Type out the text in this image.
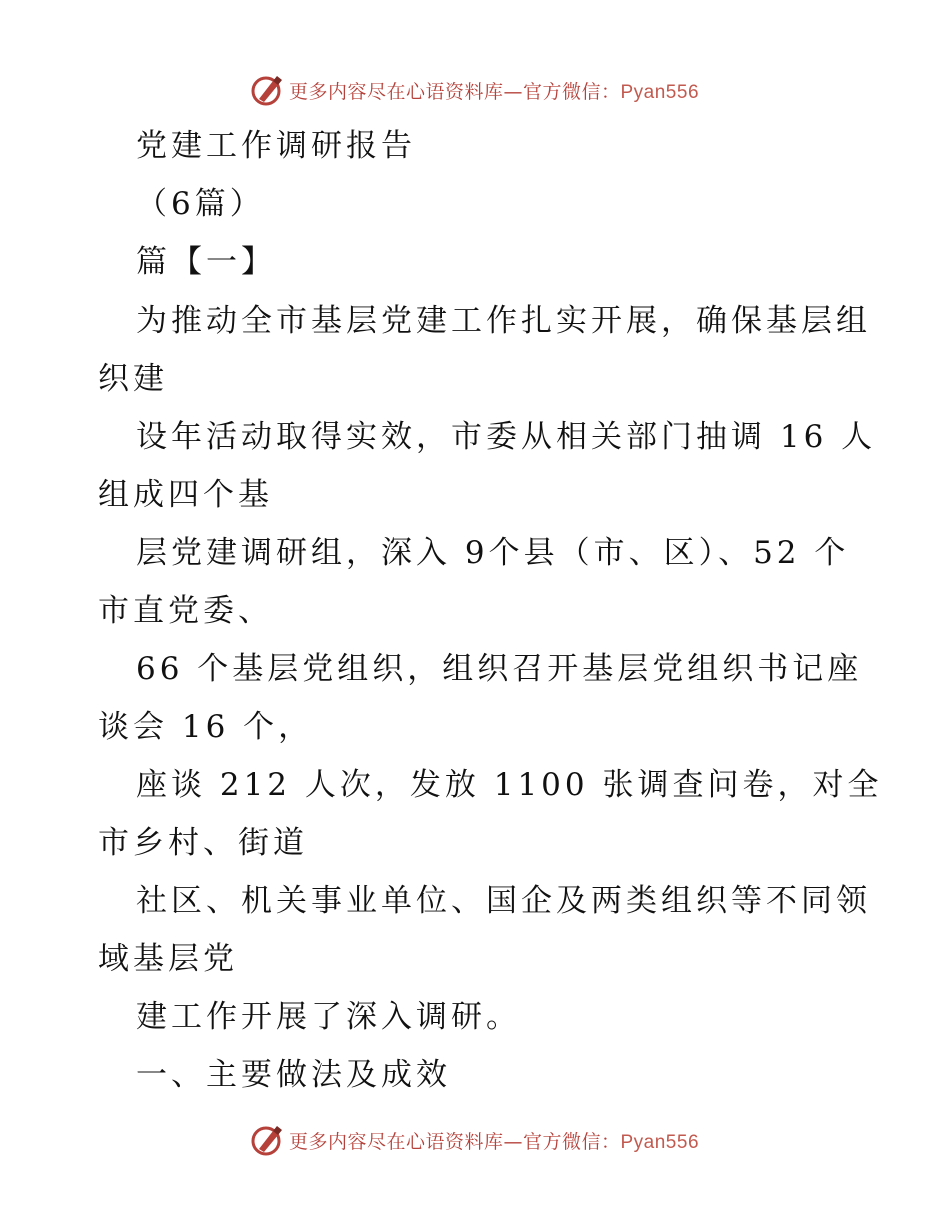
更多内容尽在心语资料库—官方微信：Pyan556
党建工作调研报告
（6篇）
篇【一】
为推动全市基层党建工作扎实开展，确保基层组
织建
设年活动取得实效，市委从相关部门抽调 16 人
组成四个基
层党建调研组，深入 9个县（市、区）、52 个
市直党委、
66 个基层党组织，组织召开基层党组织书记座
谈会 16 个，
座谈 212 人次，发放 1100 张调查问卷，对全
市乡村、街道
社区、机关事业单位、国企及两类组织等不同领
域基层党
建工作开展了深入调研。
一、主要做法及成效
更多内容尽在心语资料库—官方微信：Pyan556
